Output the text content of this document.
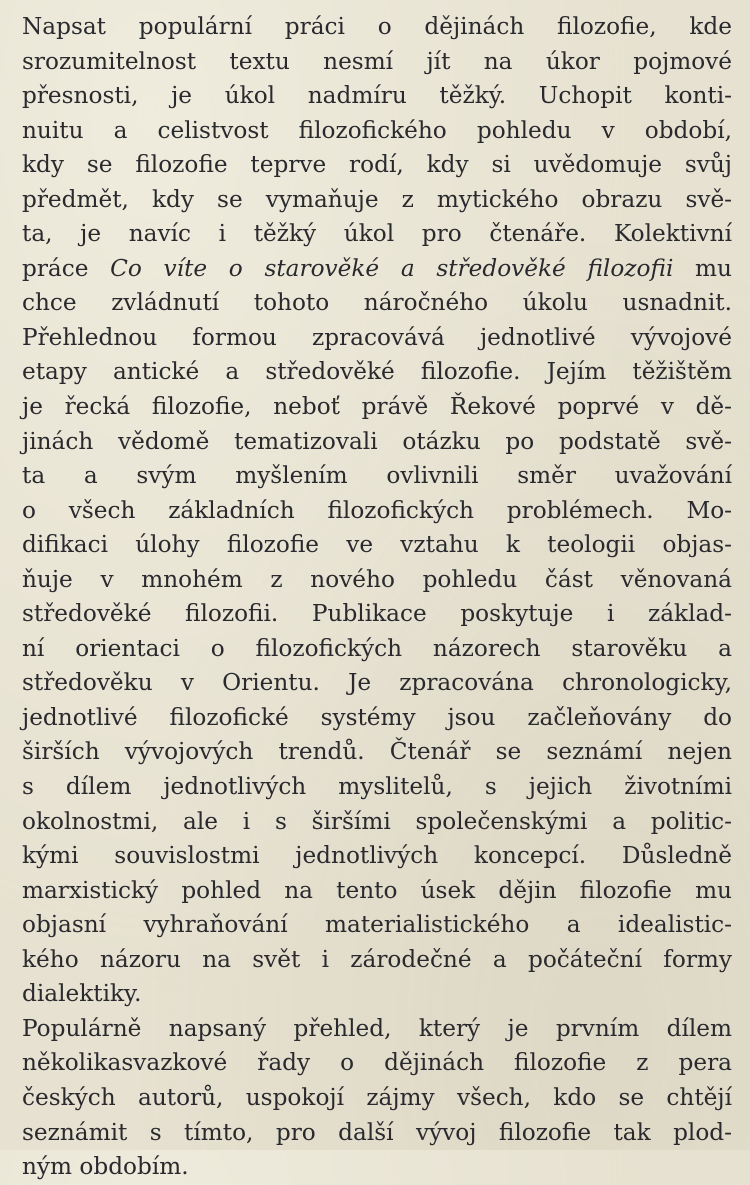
Napsat populární práci o dějinách filozofie, kde
srozumitelnost textu nesmí jít na úkor pojmové
přesnosti, je úkol nadmíru těžký. Uchopit konti-
nuitu a celistvost filozofického pohledu v období,
kdy se filozofie teprve rodí, kdy si uvědomuje svůj
předmět, kdy se vymaňuje z mytického obrazu svě-
ta, je navíc i těžký úkol pro čtenáře. Kolektivní
práce Co víte o starověké a středověké filozofii mu
chce zvládnutí tohoto náročného úkolu usnadnit.
Přehlednou formou zpracovává jednotlivé vývojové
etapy antické a středověké filozofie. Jejím těžištěm
je řecká filozofie, neboť právě Řekové poprvé v dě-
jinách vědomě tematizovali otázku po podstatě svě-
ta a svým myšlením ovlivnili směr uvažování
o všech základních filozofických problémech. Mo-
difikaci úlohy filozofie ve vztahu k teologii objas-
ňuje v mnohém z nového pohledu část věnovaná
středověké filozofii. Publikace poskytuje i základ-
ní orientaci o filozofických názorech starověku a
středověku v Orientu. Je zpracována chronologicky,
jednotlivé filozofické systémy jsou začleňovány do
širších vývojových trendů. Čtenář se seznámí nejen
s dílem jednotlivých myslitelů, s jejich životními
okolnostmi, ale i s širšími společenskými a politic-
kými souvislostmi jednotlivých koncepcí. Důsledně
marxistický pohled na tento úsek dějin filozofie mu
objasní vyhraňování materialistického a idealistic-
kého názoru na svět i zárodečné a počáteční formy
dialektiky.
Populárně napsaný přehled, který je prvním dílem
několikasvazkové řady o dějinách filozofie z pera
českých autorů, uspokojí zájmy všech, kdo se chtějí
seznámit s tímto, pro další vývoj filozofie tak plod-
ným obdobím.
